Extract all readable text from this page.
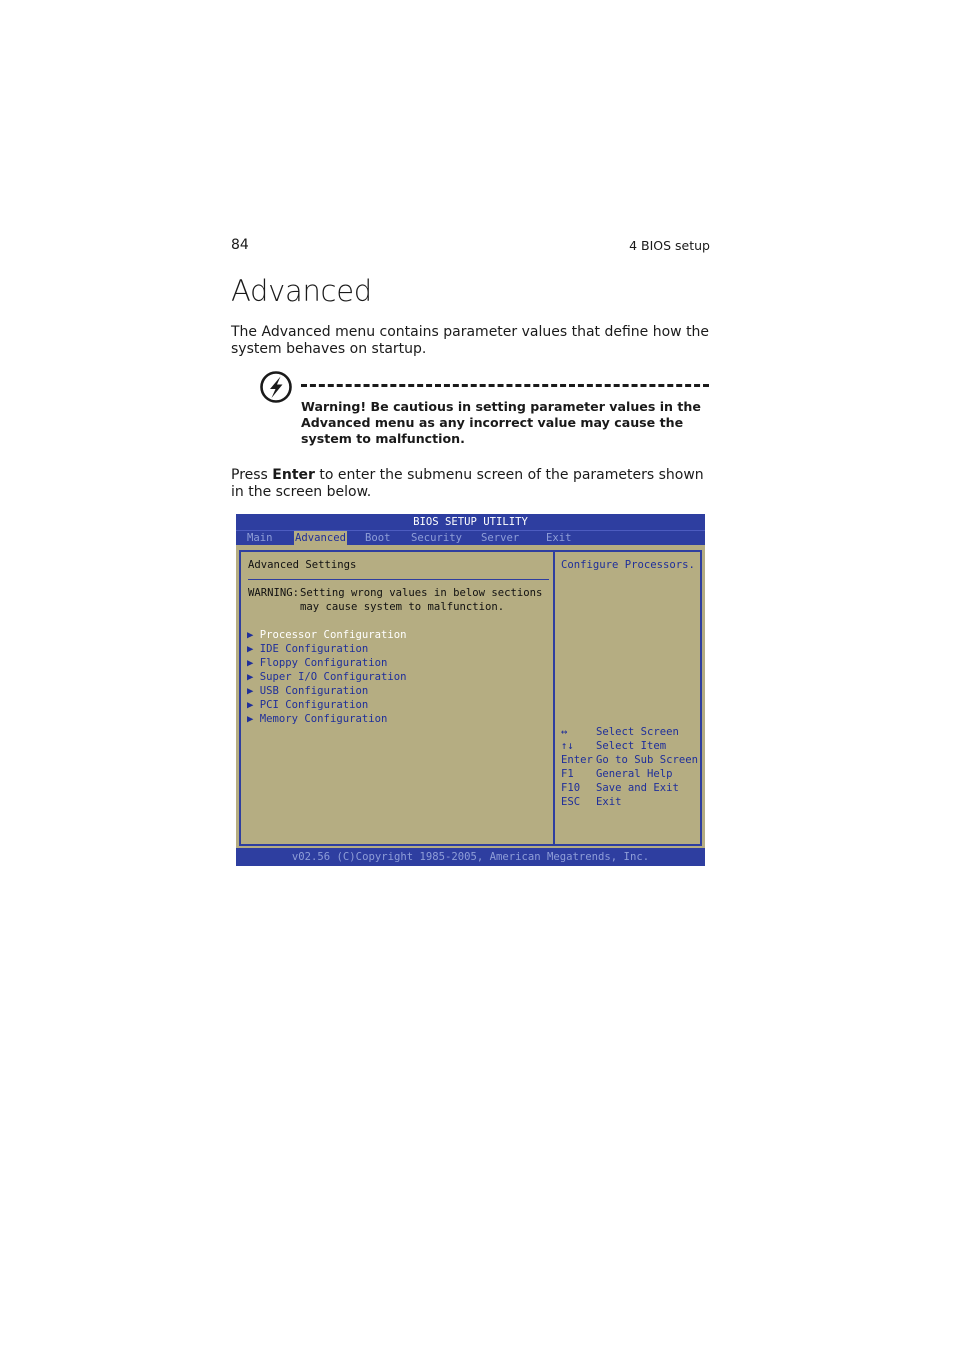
84	4 BIOS setup
Advanced
The Advanced menu contains parameter values that define how the system behaves on startup.
Warning! Be cautious in setting parameter values in the Advanced menu as any incorrect value may cause the system to malfunction.
Press Enter to enter the submenu screen of the parameters shown in the screen below.
BIOS SETUP UTILITY
Main Advanced Boot Security Server	Exit
Advanced Settings
WARNING: Setting wrong values in below sections
may cause system to malfunction.
▶ Processor Configuration
▶ IDE Configuration
▶ Floppy Configuration
▶ Super I/O Configuration
▶ USB Configuration
▶ PCI Configuration
▶ Memory Configuration
Configure Processors.
↔	Select Screen
↑↓ Select Item
Enter Go to Sub Screen
F1 General Help
F10 Save and Exit
ESC Exit
v02.56 (C)Copyright 1985-2005, American Megatrends, Inc.
